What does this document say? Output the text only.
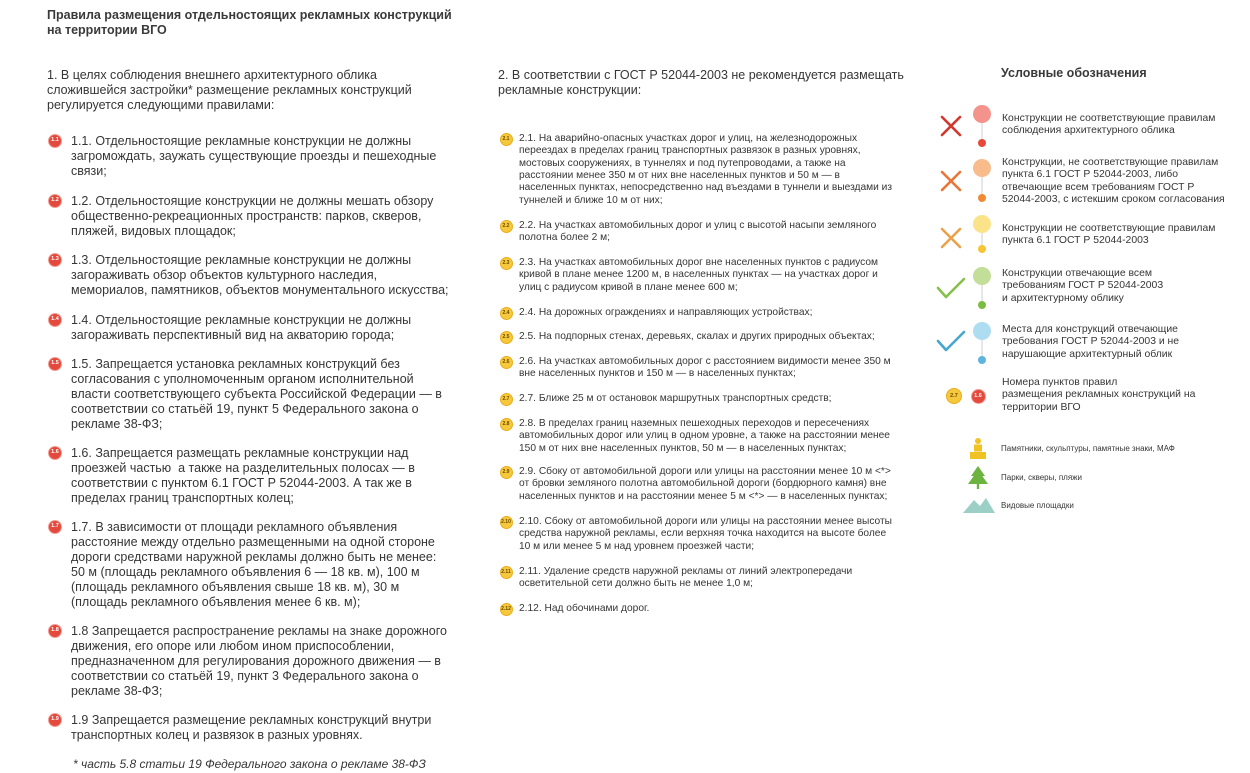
Правила размещения отдельностоящих рекламных конструкций
на территории ВГО
1. В целях соблюдения внешнего архитектурного облика
сложившейся застройки* размещение рекламных конструкций
регулируется следующими правилами:
1.1 1.1. Отдельностоящие рекламные конструкции не должны
загромождать, заужать существующие проезды и пешеходные
связи;
1.2 1.2. Отдельностоящие конструкции не должны мешать обзору
общественно-рекреационных пространств: парков, скверов,
пляжей, видовых площадок;
1.3 1.3. Отдельностоящие рекламные конструкции не должны
загораживать обзор объектов культурного наследия,
мемориалов, памятников, объектов монументального искусства;
1.4 1.4. Отдельностоящие рекламные конструкции не должны
загораживать перспективный вид на акваторию города;
1.5 1.5. Запрещается установка рекламных конструкций без
согласования с уполномоченным органом исполнительной
власти соответствующего субъекта Российской Федерации — в
соответствии со статьёй 19, пункт 5 Федерального закона о
рекламе 38-ФЗ;
1.6 1.6. Запрещается размещать рекламные конструкции над
проезжей частью  а также на разделительных полосах — в
соответствии с пунктом 6.1 ГОСТ Р 52044-2003. А так же в
пределах границ транспортных колец;
1.7 1.7. В зависимости от площади рекламного объявления
расстояние между отдельно размещенными на одной стороне
дороги средствами наружной рекламы должно быть не менее:
50 м (площадь рекламного объявления 6 — 18 кв. м), 100 м
(площадь рекламного объявления свыше 18 кв. м), 30 м
(площадь рекламного объявления менее 6 кв. м);
1.8 1.8 Запрещается распространение рекламы на знаке дорожного
движения, его опоре или любом ином приспособлении,
предназначенном для регулирования дорожного движения — в
соответствии со статьёй 19, пункт 3 Федерального закона о
рекламе 38-ФЗ;
1.9 1.9 Запрещается размещение рекламных конструкций внутри
транспортных колец и развязок в разных уровнях.
* часть 5.8 статьи 19 Федерального закона о рекламе 38-ФЗ
2. В соответствии с ГОСТ Р 52044-2003 не рекомендуется размещать
рекламные конструкции:
2.1 2.1. На аварийно-опасных участках дорог и улиц, на железнодорожных
переездах в пределах границ транспортных развязок в разных уровнях,
мостовых сооружениях, в туннелях и под путепроводами, а также на
расстоянии менее 350 м от них вне населенных пунктов и 50 м — в
населенных пунктах, непосредственно над въездами в туннели и выездами из
туннелей и ближе 10 м от них;
2.2 2.2. На участках автомобильных дорог и улиц с высотой насыпи земляного
полотна более 2 м;
2.3 2.3. На участках автомобильных дорог вне населенных пунктов с радиусом
кривой в плане менее 1200 м, в населенных пунктах — на участках дорог и
улиц с радиусом кривой в плане менее 600 м;
2.4 2.4. На дорожных ограждениях и направляющих устройствах;
2.5 2.5. На подпорных стенах, деревьях, скалах и других природных объектах;
2.6 2.6. На участках автомобильных дорог с расстоянием видимости менее 350 м
вне населенных пунктов и 150 м — в населенных пунктах;
2.7 2.7. Ближе 25 м от остановок маршрутных транспортных средств;
2.8 2.8. В пределах границ наземных пешеходных переходов и пересечениях
автомобильных дорог или улиц в одном уровне, а также на расстоянии менее
150 м от них вне населенных пунктов, 50 м — в населенных пунктах;
2.9 2.9. Сбоку от автомобильной дороги или улицы на расстоянии менее 10 м <*>
от бровки земляного полотна автомобильной дороги (бордюрного камня) вне
населенных пунктов и на расстоянии менее 5 м <*> — в населенных пунктах;
2.10 2.10. Сбоку от автомобильной дороги или улицы на расстоянии менее высоты
средства наружной рекламы, если верхняя точка находится на высоте более
10 м или менее 5 м над уровнем проезжей части;
2.11 2.11. Удаление средств наружной рекламы от линий электропередачи
осветительной сети должно быть не менее 1,0 м;
2.12 2.12. Над обочинами дорог.
Условные обозначения
Конструкции не соответствующие правилам
соблюдения архитектурного облика
Конструкции, не соответствующие правилам
пункта 6.1 ГОСТ Р 52044-2003, либо
отвечающие всем требованиям ГОСТ Р
52044-2003, с истекшим сроком согласования
Конструкции не соответствующие правилам
пункта 6.1 ГОСТ Р 52044-2003
Конструкции отвечающие всем
требованиям ГОСТ Р 52044-2003
и архитектурному облику
Места для конструкций отвечающие
требования ГОСТ Р 52044-2003 и не
нарушающие архитектурный облик
2.7	1.6
Номера пунктов правил
размещения рекламных конструкций на
территории ВГО
Памятники, скульптуры, памятные знаки, МАФ
Парки, скверы, пляжи
Видовые площадки
